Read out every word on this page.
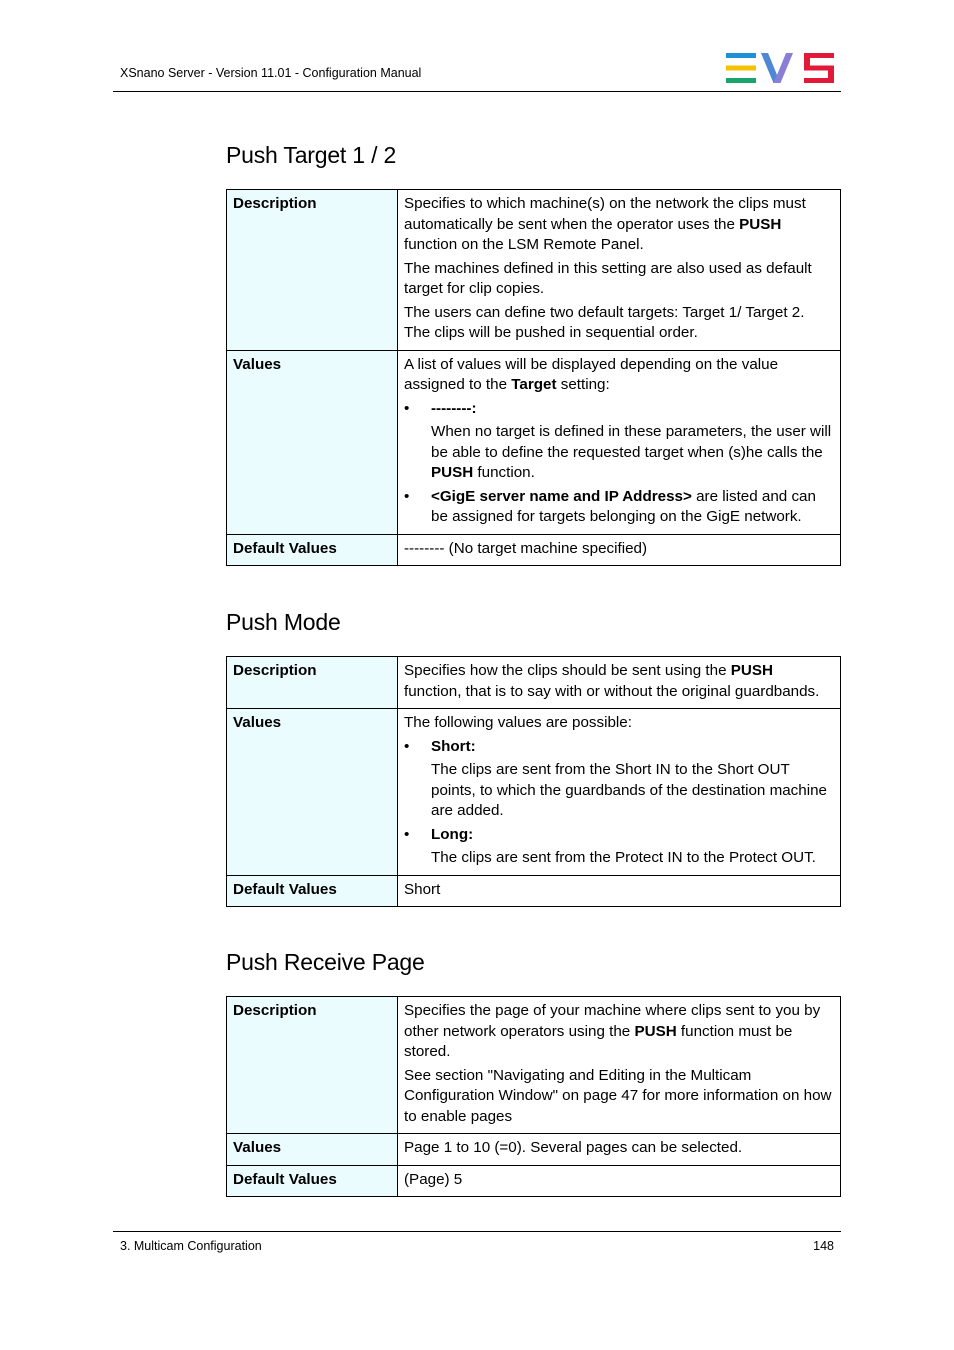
XSnano Server - Version 11.01 - Configuration Manual
Push Target 1 / 2
Description	Specifies to which machine(s) on the network the clips must automatically be sent when the operator uses the PUSH function on the LSM Remote Panel.

The machines defined in this setting are also used as default target for clip copies.

The users can define two default targets: Target 1/ Target 2. The clips will be pushed in sequential order.

Values	A list of values will be displayed depending on the value assigned to the Target setting:

• --------:
When no target is defined in these parameters, the user will be able to define the requested target when (s)he calls the PUSH function.
• <GigE server name and IP Address> are listed and can be assigned for targets belonging on the GigE network.

Default Values	-------- (No target machine specified)
Push Mode
Description	Specifies how the clips should be sent using the PUSH function, that is to say with or without the original guardbands.

Values	The following values are possible:

• Short:
The clips are sent from the Short IN to the Short OUT points, to which the guardbands of the destination machine are added.
• Long:
The clips are sent from the Protect IN to the Protect OUT.

Default Values	Short
Push Receive Page
Description	Specifies the page of your machine where clips sent to you by other network operators using the PUSH function must be stored.

See section "Navigating and Editing in the Multicam Configuration Window" on page 47 for more information on how to enable pages

Values	Page 1 to 10 (=0). Several pages can be selected.
Default Values	(Page) 5
3. Multicam Configuration	148
